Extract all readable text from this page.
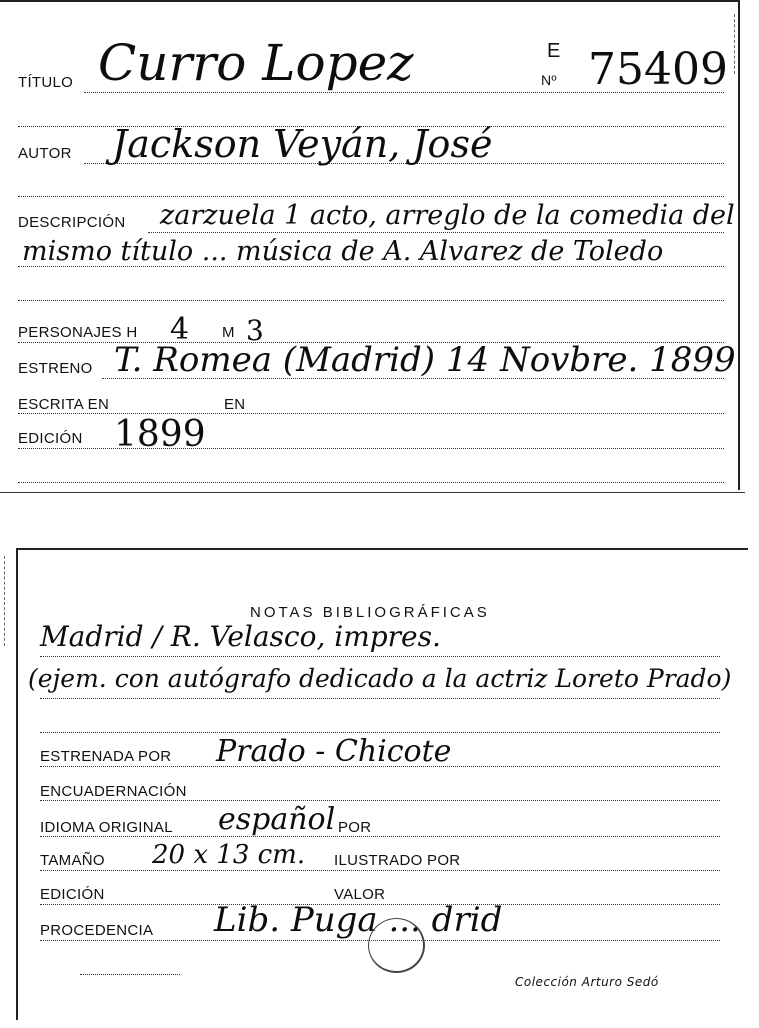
TÍTULO Curro Lopez	E
Nº 75409
AUTOR Jackson Veyán, José
DESCRIPCIÓN zarzuela 1 acto, arreglo de la comedia del
mismo título ... música de A. Alvarez de Toledo
PERSONAJES H 4 M 3
ESTRENO T. Romea (Madrid) 14 Novbre. 1899
ESCRITA EN	EN
EDICIÓN 1899
NOTAS BIBLIOGRÁFICAS
Madrid / R. Velasco, impres.
(ejem. con autógrafo dedicado a la actriz Loreto Prado)
ESTRENADA POR Prado - Chicote
ENCUADERNACIÓN
IDIOMA ORIGINAL español POR
TAMAÑO 20 x 13 cm. ILUSTRADO POR
EDICIÓN	VALOR
PROCEDENCIA Lib. Puga ... drid
Colección Arturo Sedó
